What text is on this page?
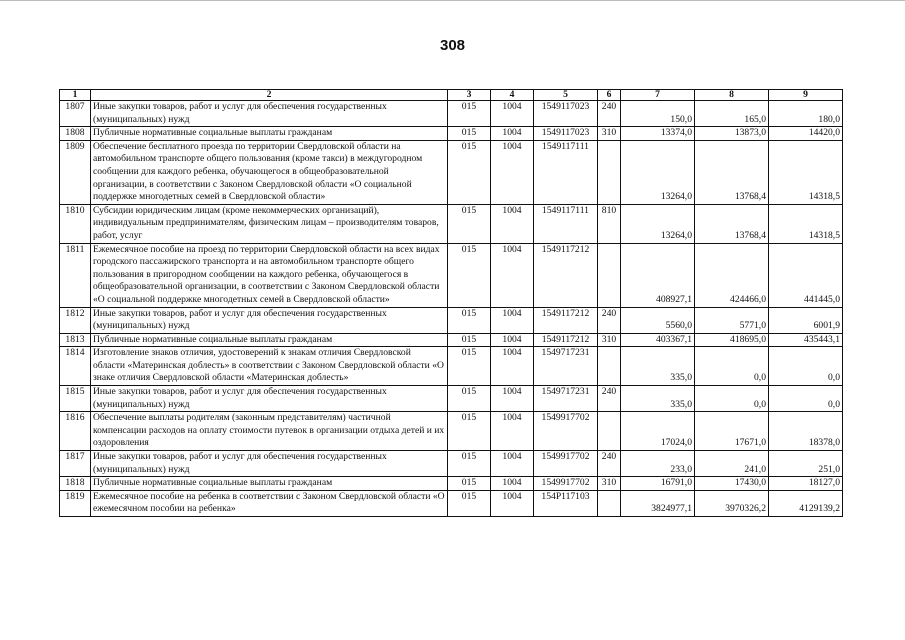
308
1	2	3	4	5	6	7	8	9
1807	Иные закупки товаров, работ и услуг для обеспечения государственных (муниципальных) нужд	015	1004	1549117023	240	150,0	165,0	180,0
1808	Публичные нормативные социальные выплаты гражданам	015	1004	1549117023	310	13374,0	13873,0	14420,0
1809	Обеспечение бесплатного проезда по территории Свердловской области на автомобильном транспорте общего пользования (кроме такси) в междугородном сообщении для каждого ребенка, обучающегося в общеобразовательной организации, в соответствии с Законом Свердловской области «О социальной поддержке многодетных семей в Свердловской области»	015	1004	1549117111		13264,0	13768,4	14318,5
1810	Субсидии юридическим лицам (кроме некоммерческих организаций), индивидуальным предпринимателям, физическим лицам – производителям товаров, работ, услуг	015	1004	1549117111	810	13264,0	13768,4	14318,5
1811	Ежемесячное пособие на проезд по территории Свердловской области на всех видах городского пассажирского транспорта и на автомобильном транспорте общего пользования в пригородном сообщении на каждого ребенка, обучающегося в общеобразовательной организации, в соответствии с Законом Свердловской области «О социальной поддержке многодетных семей в Свердловской области»	015	1004	1549117212		408927,1	424466,0	441445,0
1812	Иные закупки товаров, работ и услуг для обеспечения государственных (муниципальных) нужд	015	1004	1549117212	240	5560,0	5771,0	6001,9
1813	Публичные нормативные социальные выплаты гражданам	015	1004	1549117212	310	403367,1	418695,0	435443,1
1814	Изготовление знаков отличия, удостоверений к знакам отличия Свердловской области «Материнская доблесть» в соответствии с Законом Свердловской области «О знаке отличия Свердловской области «Материнская доблесть»	015	1004	1549717231		335,0	0,0	0,0
1815	Иные закупки товаров, работ и услуг для обеспечения государственных (муниципальных) нужд	015	1004	1549717231	240	335,0	0,0	0,0
1816	Обеспечение выплаты родителям (законным представителям) частичной компенсации расходов на оплату стоимости путевок в организации отдыха детей и их оздоровления	015	1004	1549917702		17024,0	17671,0	18378,0
1817	Иные закупки товаров, работ и услуг для обеспечения государственных (муниципальных) нужд	015	1004	1549917702	240	233,0	241,0	251,0
1818	Публичные нормативные социальные выплаты гражданам	015	1004	1549917702	310	16791,0	17430,0	18127,0
1819	Ежемесячное пособие на ребенка в соответствии с Законом Свердловской области «О ежемесячном пособии на ребенка»	015	1004	154P117103		3824977,1	3970326,2	4129139,2
